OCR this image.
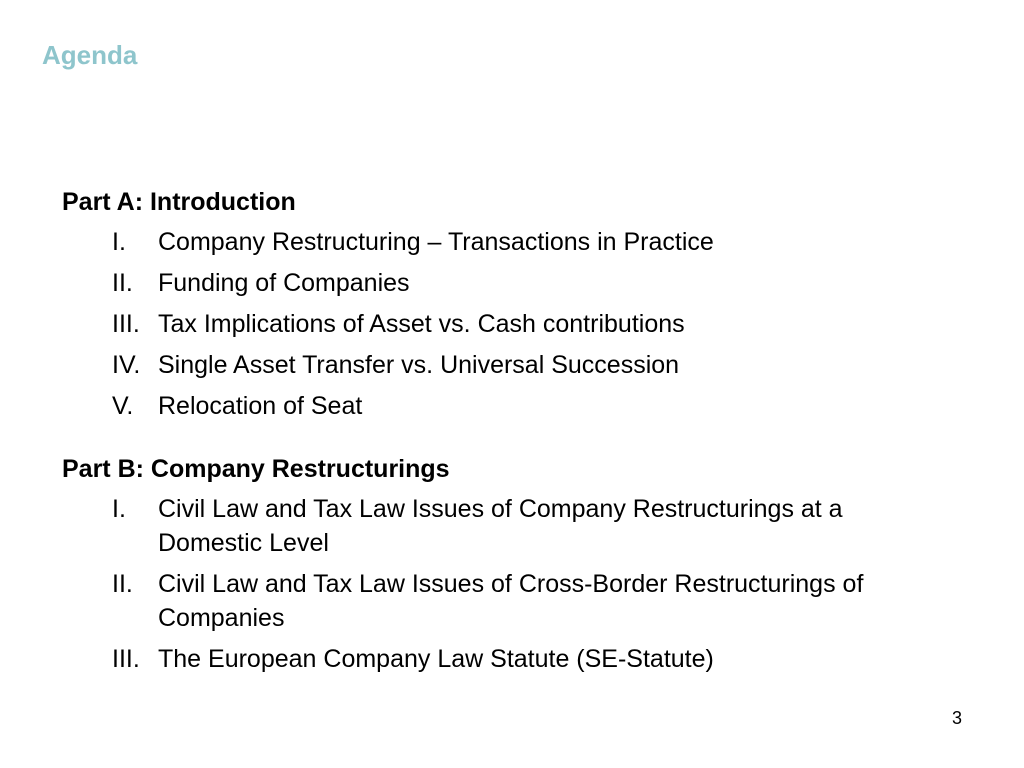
Agenda
Part A: Introduction
I.	Company Restructuring – Transactions in Practice
II.	Funding of Companies
III. Tax Implications of Asset vs. Cash contributions
IV. Single Asset Transfer vs. Universal Succession
V. Relocation of Seat
Part B: Company Restructurings
I.	Civil Law and Tax Law Issues of Company Restructurings at a Domestic Level
II.	Civil Law and Tax Law Issues of Cross-Border Restructurings of Companies
III. The European Company Law Statute (SE-Statute)
3
